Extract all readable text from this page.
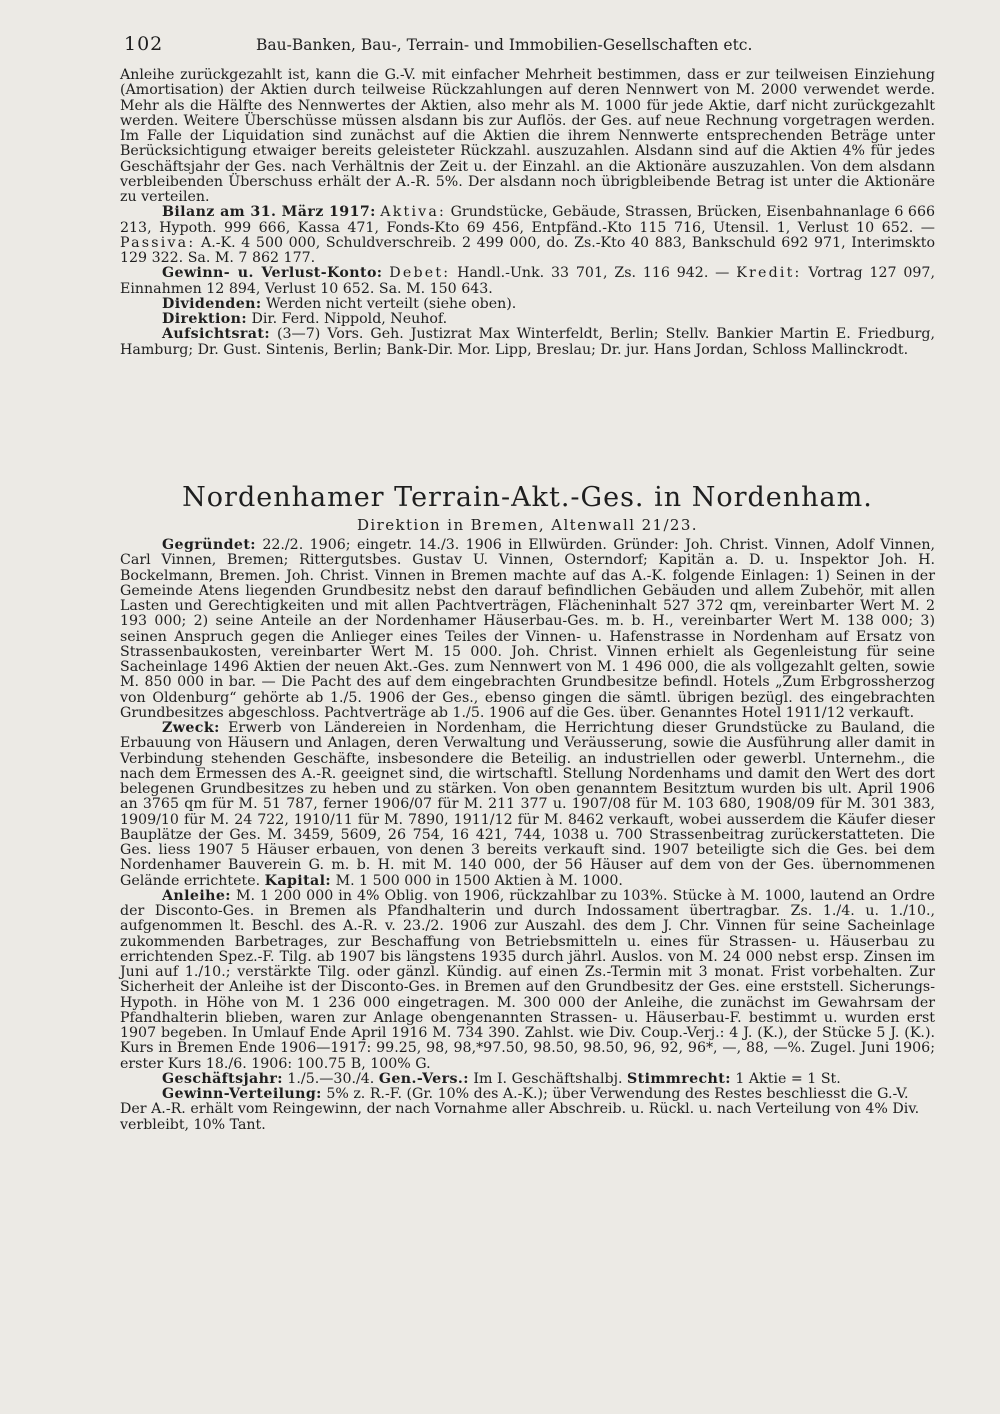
102	Bau-Banken, Bau-, Terrain- und Immobilien-Gesellschaften etc.

Anleihe zurückgezahlt ist, kann die G.-V. mit einfacher Mehrheit bestimmen, dass er zur teilweisen Einziehung (Amortisation) der Aktien durch teilweise Rückzahlungen auf deren Nennwert von M. 2000 verwendet werde. Mehr als die Hälfte des Nennwertes der Aktien, also mehr als M. 1000 für jede Aktie, darf nicht zurückgezahlt werden. Weitere Überschüsse müssen alsdann bis zur Auflös. der Ges. auf neue Rechnung vorgetragen werden. Im Falle der Liquidation sind zunächst auf die Aktien die ihrem Nennwerte entsprechenden Beträge unter Berücksichtigung etwaiger bereits geleisteter Rückzahl. auszuzahlen. Alsdann sind auf die Aktien 4% für jedes Geschäftsjahr der Ges. nach Verhältnis der Zeit u. der Einzahl. an die Aktionäre auszuzahlen. Von dem alsdann verbleibenden Überschuss erhält der A.-R. 5%. Der alsdann noch übrigbleibende Betrag ist unter die Aktionäre zu verteilen.

Bilanz am 31. März 1917: Aktiva: Grundstücke, Gebäude, Strassen, Brücken, Eisenbahnanlage 6 666 213, Hypoth. 999 666, Kassa 471, Fonds-Kto 69 456, Entpfänd.-Kto 115 716, Utensil. 1, Verlust 10 652. — Passiva: A.-K. 4 500 000, Schuldverschreib. 2 499 000, do. Zs.-Kto 40 883, Bankschuld 692 971, Interimskto 129 322. Sa. M. 7 862 177.

Gewinn- u. Verlust-Konto: Debet: Handl.-Unk. 33 701, Zs. 116 942. — Kredit: Vortrag 127 097, Einnahmen 12 894, Verlust 10 652. Sa. M. 150 643.

Dividenden: Werden nicht verteilt (siehe oben).

Direktion: Dir. Ferd. Nippold, Neuhof.

Aufsichtsrat: (3—7) Vors. Geh. Justizrat Max Winterfeldt, Berlin; Stellv. Bankier Martin E. Friedburg, Hamburg; Dr. Gust. Sintenis, Berlin; Bank-Dir. Mor. Lipp, Breslau; Dr. jur. Hans Jordan, Schloss Mallinckrodt.

Nordenhamer Terrain-Akt.-Ges. in Nordenham.
Direktion in Bremen, Altenwall 21/23.

Gegründet: 22./2. 1906; eingetr. 14./3. 1906 in Ellwürden. Gründer: Joh. Christ. Vinnen, Adolf Vinnen, Carl Vinnen, Bremen; Rittergutsbes. Gustav U. Vinnen, Osterndorf; Kapitän a. D. u. Inspektor Joh. H. Bockelmann, Bremen. Joh. Christ. Vinnen in Bremen machte auf das A.-K. folgende Einlagen: 1) Seinen in der Gemeinde Atens liegenden Grundbesitz nebst den darauf befindlichen Gebäuden und allem Zubehör, mit allen Lasten und Gerechtigkeiten und mit allen Pachtverträgen, Flächeninhalt 527 372 qm, vereinbarter Wert M. 2 193 000; 2) seine Anteile an der Nordenhamer Häuserbau-Ges. m. b. H., vereinbarter Wert M. 138 000; 3) seinen Anspruch gegen die Anlieger eines Teiles der Vinnen- u. Hafenstrasse in Nordenham auf Ersatz von Strassenbaukosten, vereinbarter Wert M. 15 000. Joh. Christ. Vinnen erhielt als Gegenleistung für seine Sacheinlage 1496 Aktien der neuen Akt.-Ges. zum Nennwert von M. 1 496 000, die als vollgezahlt gelten, sowie M. 850 000 in bar. — Die Pacht des auf dem eingebrachten Grundbesitze befindl. Hotels „Zum Erbgrossherzog von Oldenburg“ gehörte ab 1./5. 1906 der Ges., ebenso gingen die sämtl. übrigen bezügl. des eingebrachten Grundbesitzes abgeschloss. Pachtverträge ab 1./5. 1906 auf die Ges. über. Genanntes Hotel 1911/12 verkauft.

Zweck: Erwerb von Ländereien in Nordenham, die Herrichtung dieser Grundstücke zu Bauland, die Erbauung von Häusern und Anlagen, deren Verwaltung und Veräusserung, sowie die Ausführung aller damit in Verbindung stehenden Geschäfte, insbesondere die Beteilig. an industriellen oder gewerbl. Unternehm., die nach dem Ermessen des A.-R. geeignet sind, die wirtschaftl. Stellung Nordenhams und damit den Wert des dort belegenen Grundbesitzes zu heben und zu stärken. Von oben genanntem Besitztum wurden bis ult. April 1906 an 3765 qm für M. 51 787, ferner 1906/07 für M. 211 377 u. 1907/08 für M. 103 680, 1908/09 für M. 301 383, 1909/10 für M. 24 722, 1910/11 für M. 7890, 1911/12 für M. 8462 verkauft, wobei ausserdem die Käufer dieser Bauplätze der Ges. M. 3459, 5609, 26 754, 16 421, 744, 1038 u. 700 Strassenbeitrag zurückerstatteten. Die Ges. liess 1907 5 Häuser erbauen, von denen 3 bereits verkauft sind. 1907 beteiligte sich die Ges. bei dem Nordenhamer Bauverein G. m. b. H. mit M. 140 000, der 56 Häuser auf dem von der Ges. übernommenen Gelände errichtete. Kapital: M. 1 500 000 in 1500 Aktien à M. 1000.

Anleihe: M. 1 200 000 in 4% Oblig. von 1906, rückzahlbar zu 103%. Stücke à M. 1000, lautend an Ordre der Disconto-Ges. in Bremen als Pfandhalterin und durch Indossament übertragbar. Zs. 1./4. u. 1./10., aufgenommen lt. Beschl. des A.-R. v. 23./2. 1906 zur Auszahl. des dem J. Chr. Vinnen für seine Sacheinlage zukommenden Barbetrages, zur Beschaffung von Betriebsmitteln u. eines für Strassen- u. Häuserbau zu errichtenden Spez.-F. Tilg. ab 1907 bis längstens 1935 durch jährl. Auslos. von M. 24 000 nebst ersp. Zinsen im Juni auf 1./10.; verstärkte Tilg. oder gänzl. Kündig. auf einen Zs.-Termin mit 3 monat. Frist vorbehalten. Zur Sicherheit der Anleihe ist der Disconto-Ges. in Bremen auf den Grundbesitz der Ges. eine erststell. Sicherungs-Hypoth. in Höhe von M. 1 236 000 eingetragen. M. 300 000 der Anleihe, die zunächst im Gewahrsam der Pfandhalterin blieben, waren zur Anlage obengenannten Strassen- u. Häuserbau-F. bestimmt u. wurden erst 1907 begeben. In Umlauf Ende April 1916 M. 734 390. Zahlst. wie Div. Coup.-Verj.: 4 J. (K.), der Stücke 5 J. (K.). Kurs in Bremen Ende 1906—1917: 99.25, 98, 98,*97.50, 98.50, 98.50, 96, 92, 96*, —, 88, —%. Zugel. Juni 1906; erster Kurs 18./6. 1906: 100.75 B, 100% G.

Geschäftsjahr: 1./5.—30./4. Gen.-Vers.: Im I. Geschäftshalbj. Stimmrecht: 1 Aktie = 1 St.

Gewinn-Verteilung: 5% z. R.-F. (Gr. 10% des A.-K.); über Verwendung des Restes beschliesst die G.-V. Der A.-R. erhält vom Reingewinn, der nach Vornahme aller Abschreib. u. Rückl. u. nach Verteilung von 4% Div. verbleibt, 10% Tant.
